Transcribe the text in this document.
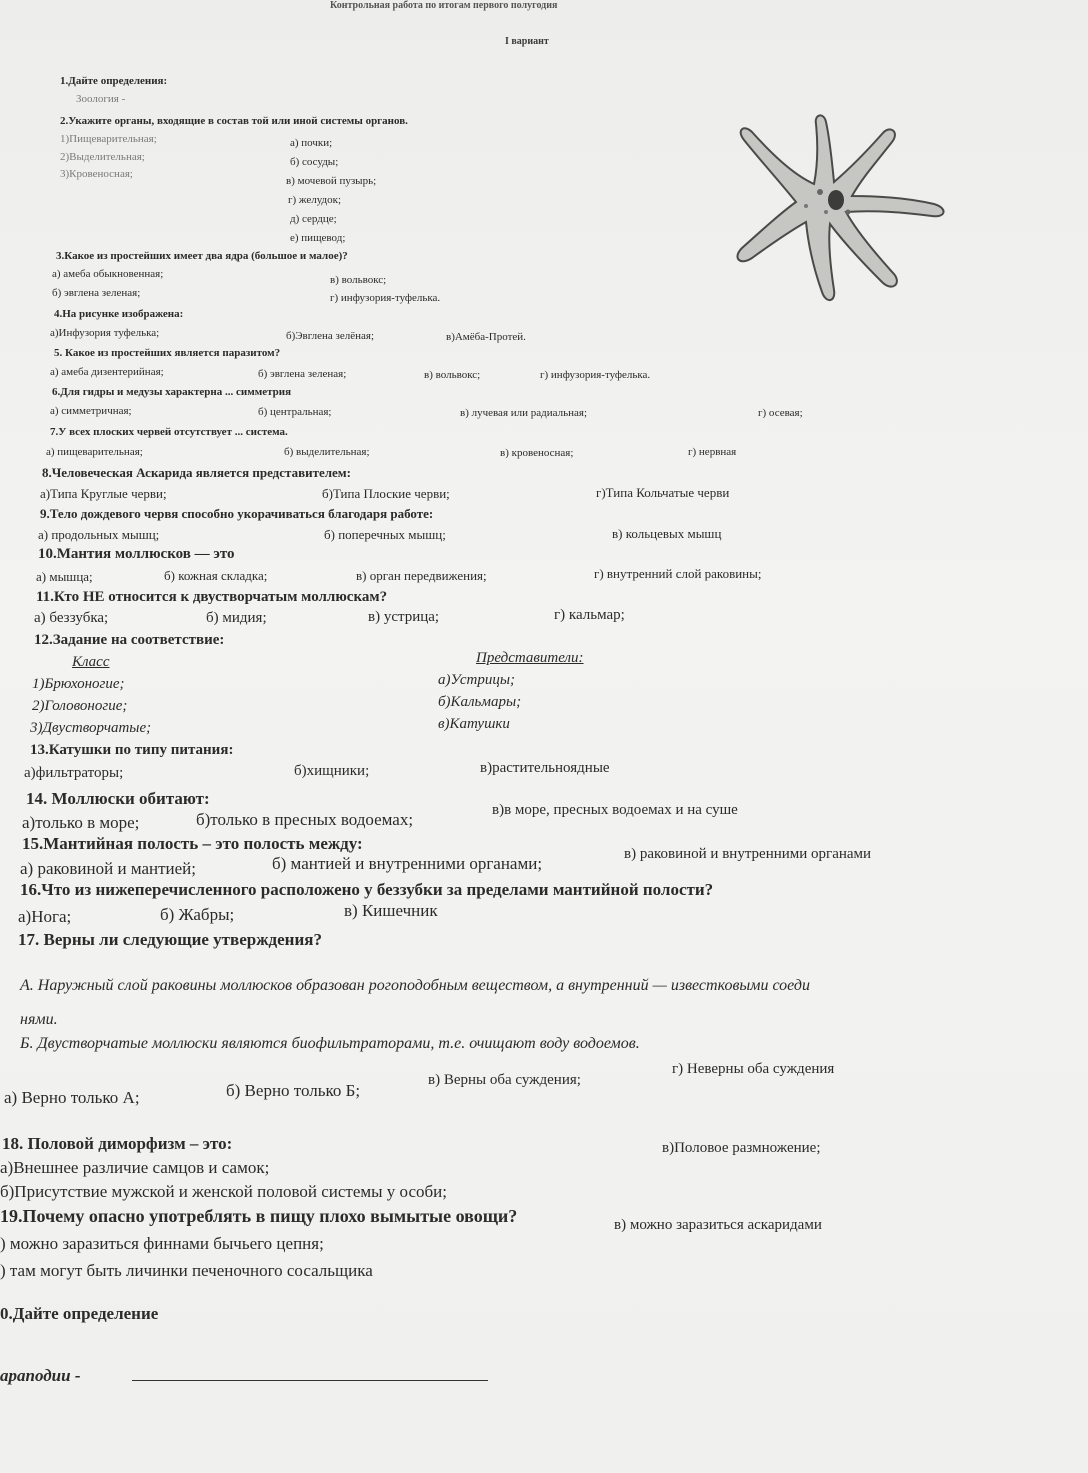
Контрольная работа по итогам первого полугодия
I вариант
1.Дайте определения:
Зоология -
2.Укажите органы, входящие в состав той или иной системы органов.
1)Пищеварительная;
2)Выделительная;
3)Кровеносная;
а) почки;
б) сосуды;
в) мочевой пузырь;
г) желудок;
д) сердце;
е) пищевод;
3.Какое из простейших имеет два ядра (большое и малое)?
а) амеба обыкновенная;	в) вольвокс;
б) эвглена зеленая;	г) инфузория-туфелька.
4.На рисунке изображена:
а)Инфузория туфелька;	б)Эвглена зелёная;	в)Амёба-Протей.
5. Какое из простейших является паразитом?
а) амеба дизентерийная;	б) эвглена зеленая;	в) вольвокс;	г) инфузория-туфелька.
6.Для гидры и медузы характерна ... симметрия
а) симметричная;	б) центральная;	в) лучевая или радиальная;	г) осевая;
7.У всех плоских червей отсутствует ... система.
а) пищеварительная;	б) выделительная;	в) кровеносная;	г) нервная
8.Человеческая Аскарида является представителем:
а)Типа Круглые черви;	б)Типа Плоские черви;	г)Типа Кольчатые черви
9.Тело дождевого червя способно укорачиваться благодаря работе:
а) продольных мышц;	б) поперечных мышц;	в) кольцевых мышц
10.Мантия моллюсков — это
а) мышца;	б) кожная складка;	в) орган передвижения;	г) внутренний слой раковины;
11.Кто НЕ относится к двустворчатым моллюскам?
а) беззубка;	б) мидия;	в) устрица;	г) кальмар;
12.Задание на соответствие:
Класс	Представители:
1)Брюхоногие;
2)Головоногие;
3)Двустворчатые;
а)Устрицы;
б)Кальмары;
в)Катушки
13.Катушки по типу питания:
а)фильтраторы;	б)хищники;	в)растительноядные
14. Моллюски обитают:
а)только в море;	б)только в пресных водоемах;	в)в море, пресных водоемах и на суше
15.Мантийная полость – это полость между:
а) раковиной и мантией;	б) мантией и внутренними органами;	в) раковиной и внутренними органами
16.Что из нижеперечисленного расположено у беззубки за пределами мантийной полости?
а)Нога;	б) Жабры;	в) Кишечник
17. Верны ли следующие утверждения?
А. Наружный слой раковины моллюсков образован рогоподобным веществом, а внутренний — известковыми соеди
нями.
Б. Двустворчатые моллюски являются биофильтраторами, т.е. очищают воду водоемов.
а) Верно только А;	б) Верно только Б;
в) Верны оба суждения;
г) Неверны оба суждения
18. Половой диморфизм – это:
а)Внешнее различие самцов и самок;
в)Половое размножение;
б)Присутствие мужской и женской половой системы у особи;
19.Почему опасно употреблять в пищу плохо вымытые овощи?
) можно заразиться финнами бычьего цепня;
в) можно заразиться аскаридами
) там могут быть личинки печеночного сосальщика
0.Дайте определение
арaподии -
